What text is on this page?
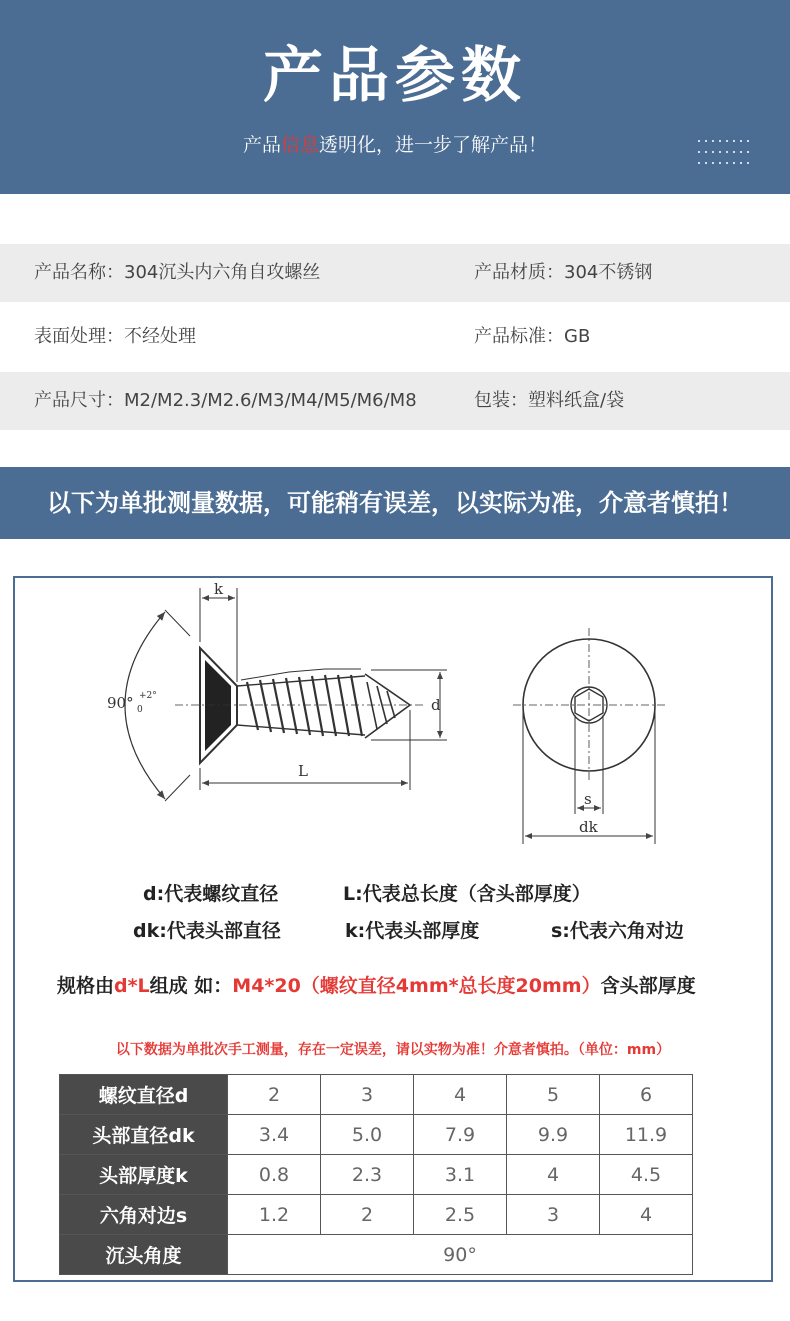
产品参数
产品信息透明化，进一步了解产品！
产品名称：304沉头内六角自攻螺丝	产品材质：304不锈钢
表面处理：不经处理	产品标准：GB
产品尺寸：M2/M2.3/M2.6/M3/M4/M5/M6/M8	包装：塑料纸盒/袋
以下为单批测量数据，可能稍有误差，以实际为准，介意者慎拍！
k
90° +2°
0	d
L
s
dk
d:代表螺纹直径	L:代表总长度（含头部厚度）
dk:代表头部直径	k:代表头部厚度	s:代表六角对边
规格由d*L组成 如：M4*20（螺纹直径4mm*总长度20mm）含头部厚度
以下数据为单批次手工测量，存在一定误差，请以实物为准！介意者慎拍。（单位：mm）
螺纹直径d	2	3	4	5	6
头部直径dk	3.4	5.0	7.9	9.9	11.9
头部厚度k	0.8	2.3	3.1	4	4.5
六角对边s	1.2	2	2.5	3	4
沉头角度	90°				
